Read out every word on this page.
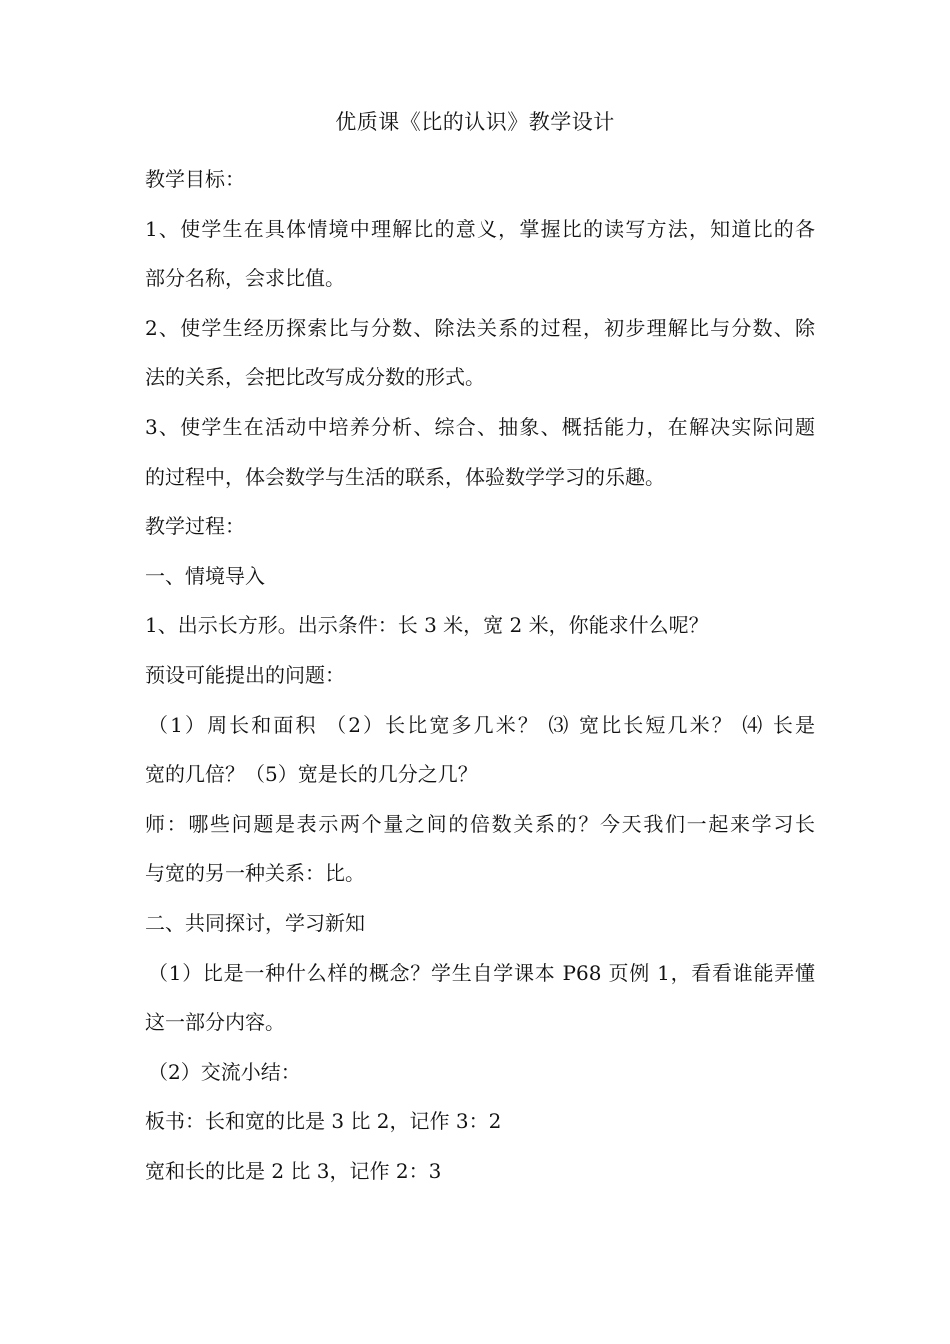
优质课《比的认识》教学设计
教学目标：
1、使学生在具体情境中理解比的意义，掌握比的读写方法，知道比的各
部分名称，会求比值。
2、使学生经历探索比与分数、除法关系的过程，初步理解比与分数、除
法的关系，会把比改写成分数的形式。
3、使学生在活动中培养分析、综合、抽象、概括能力，在解决实际问题
的过程中，体会数学与生活的联系，体验数学学习的乐趣。
教学过程：
一、情境导入
1、出示长方形。出示条件：长 3 米，宽 2 米，你能求什么呢？
预设可能提出的问题：
（1）周长和面积 （2）长比宽多几米？ ⑶ 宽比长短几米？ ⑷ 长是
宽的几倍？（5）宽是长的几分之几？
师：哪些问题是表示两个量之间的倍数关系的？今天我们一起来学习长
与宽的另一种关系：比。
二、共同探讨，学习新知
（1）比是一种什么样的概念？学生自学课本 P68 页例 1，看看谁能弄懂
这一部分内容。
（2）交流小结：
板书：长和宽的比是 3 比 2，记作 3：2
宽和长的比是 2 比 3，记作 2：3
